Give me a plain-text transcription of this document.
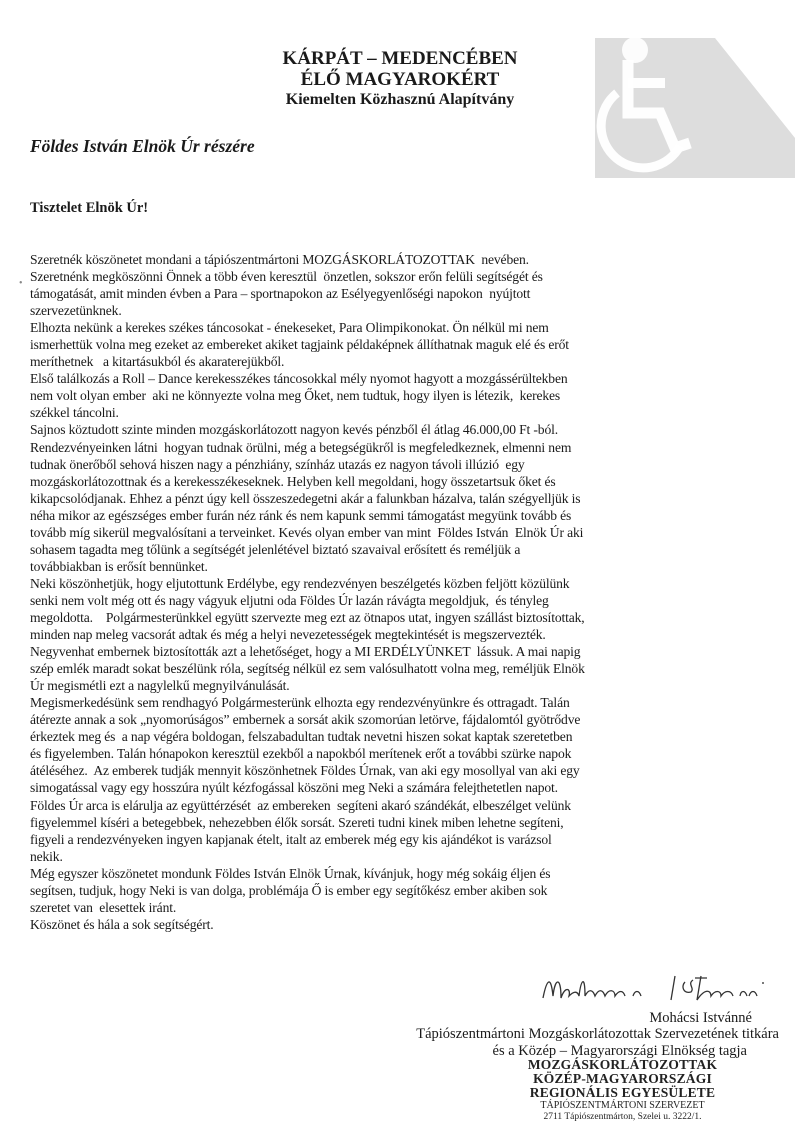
KÁRPÁT – MEDENCÉBEN
ÉLŐ MAGYAROKÉRT
Kiemelten Közhasznú Alapítvány
Földes István Elnök Úr részére
Tisztelet Elnök Úr!
•
Szeretnék köszönetet mondani a tápiószentmártoni MOZGÁSKORLÁTOZOTTAK  nevében.
Szeretnénk megköszönni Önnek a több éven keresztül  önzetlen, sokszor erőn felüli segítségét és
támogatását, amit minden évben a Para – sportnapokon az Esélyegyenlőségi napokon  nyújtott
szervezetünknek.
Elhozta nekünk a kerekes székes táncosokat - énekeseket, Para Olimpikonokat. Ön nélkül mi nem
ismerhettük volna meg ezeket az embereket akiket tagjaink példaképnek állíthatnak maguk elé és erőt
meríthetnek   a kitartásukból és akaraterejükből.
Első találkozás a Roll – Dance kerekesszékes táncosokkal mély nyomot hagyott a mozgássérültekben
nem volt olyan ember  aki ne könnyezte volna meg Őket, nem tudtuk, hogy ilyen is létezik,  kerekes
székkel táncolni.
Sajnos köztudott szinte minden mozgáskorlátozott nagyon kevés pénzből él átlag 46.000,00 Ft -ból.
Rendezvényeinken látni  hogyan tudnak örülni, még a betegségükről is megfeledkeznek, elmenni nem
tudnak önerőből sehová hiszen nagy a pénzhiány, színház utazás ez nagyon távoli illúzió  egy
mozgáskorlátozottnak és a kerekesszékeseknek. Helyben kell megoldani, hogy összetartsuk őket és
kikapcsolódjanak. Ehhez a pénzt úgy kell összeszedegetni akár a falunkban házalva, talán szégyelljük is
néha mikor az egészséges ember furán néz ránk és nem kapunk semmi támogatást megyünk tovább és
tovább míg sikerül megvalósítani a terveinket. Kevés olyan ember van mint  Földes István  Elnök Úr aki
sohasem tagadta meg tőlünk a segítségét jelenlétével biztató szavaival erősített és reméljük a
továbbiakban is erősít bennünket.
Neki köszönhetjük, hogy eljutottunk Erdélybe, egy rendezvényen beszélgetés közben feljött közülünk
senki nem volt még ott és nagy vágyuk eljutni oda Földes Úr lazán rávágta megoldjuk,  és tényleg
megoldotta.    Polgármesterünkkel együtt szervezte meg ezt az ötnapos utat, ingyen szállást biztosítottak,
minden nap meleg vacsorát adtak és még a helyi nevezetességek megtekintését is megszervezték.
Negyvenhat embernek biztosították azt a lehetőséget, hogy a MI ERDÉLYÜNKET  lássuk. A mai napig
szép emlék maradt sokat beszélünk róla, segítség nélkül ez sem valósulhatott volna meg, reméljük Elnök
Úr megismétli ezt a nagylelkű megnyilvánulását.
Megismerkedésünk sem rendhagyó Polgármesterünk elhozta egy rendezvényünkre és ottragadt. Talán
átérezte annak a sok „nyomorúságos” embernek a sorsát akik szomorúan letörve, fájdalomtól gyötrődve
érkeztek meg és  a nap végéra boldogan, felszabadultan tudtak nevetni hiszen sokat kaptak szeretetben
és figyelemben. Talán hónapokon keresztül ezekből a napokból merítenek erőt a további szürke napok
átéléséhez.  Az emberek tudják mennyit köszönhetnek Földes Úrnak, van aki egy mosollyal van aki egy
simogatással vagy egy hosszúra nyúlt kézfogással köszöni meg Neki a számára felejthetetlen napot.
Földes Úr arca is elárulja az együttérzését  az embereken  segíteni akaró szándékát, elbeszélget velünk
figyelemmel kíséri a betegebbek, nehezebben élők sorsát. Szereti tudni kinek miben lehetne segíteni,
figyeli a rendezvényeken ingyen kapjanak ételt, italt az emberek még egy kis ajándékot is varázsol
nekik.
Még egyszer köszönetet mondunk Földes István Elnök Úrnak, kívánjuk, hogy még sokáig éljen és
segítsen, tudjuk, hogy Neki is van dolga, problémája Ő is ember egy segítőkész ember akiben sok
szeretet van  elesettek iránt.
Köszönet és hála a sok segítségért.
Mohácsi Istvánné
Tápiószentmártoni Mozgáskorlátozottak Szervezetének titkára
és a Közép – Magyarországi Elnökség tagja
MOZGÁSKORLÁTOZOTTAK
KÖZÉP-MAGYARORSZÁGI
REGIONÁLIS EGYESÜLETE
TÁPIÓSZENTMÁRTONI SZERVEZET
2711 Tápiószentmárton, Szelei u. 3222/1.
